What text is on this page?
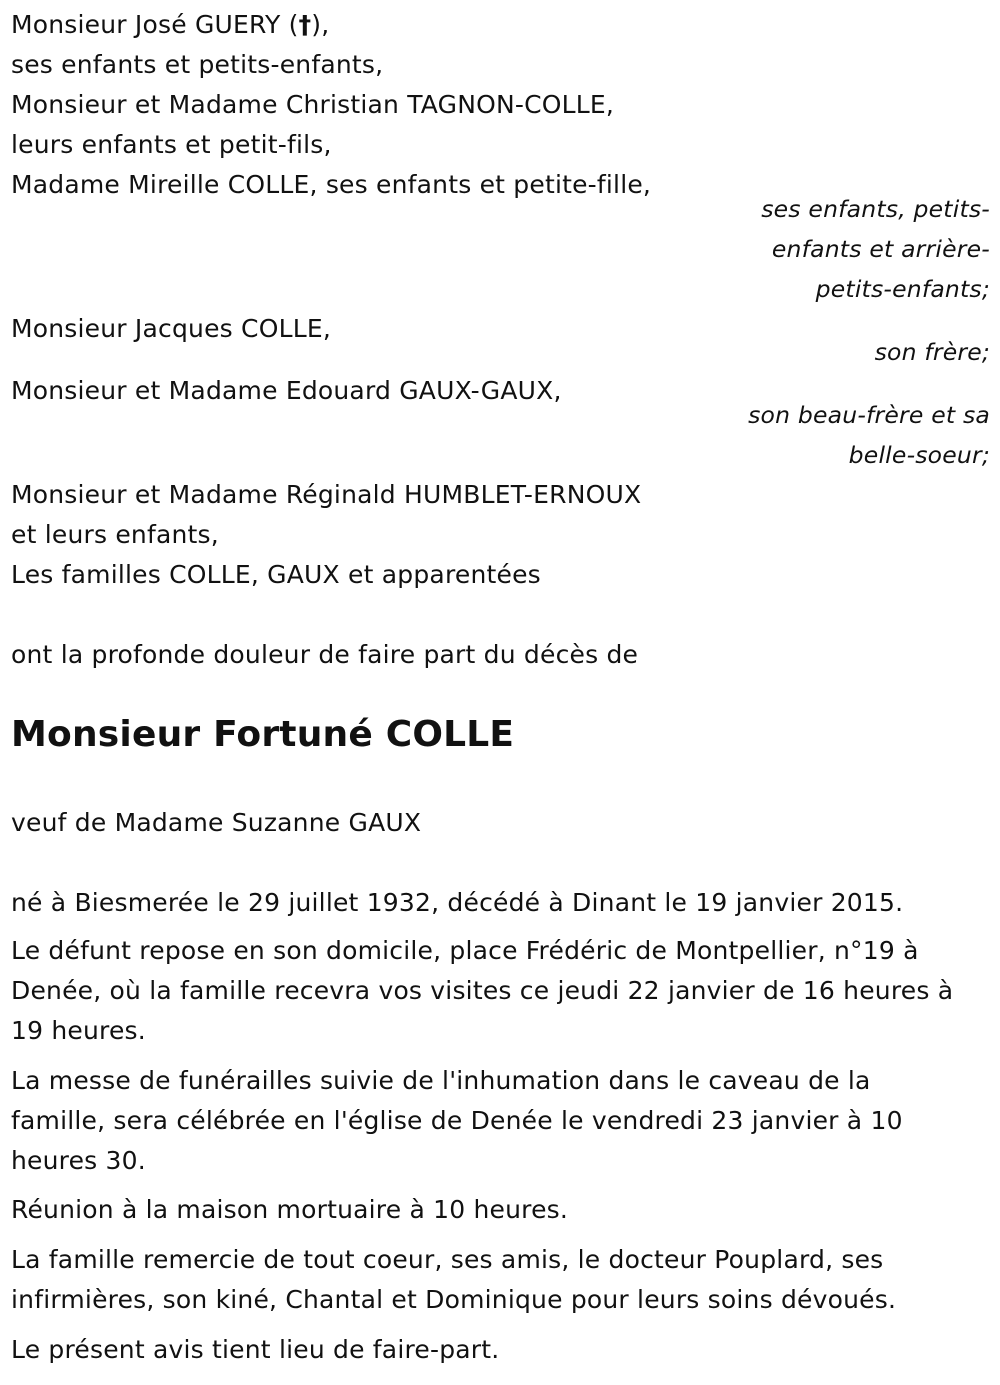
Monsieur José GUERY (†),

ses enfants et petits-enfants,

Monsieur et Madame Christian TAGNON-COLLE,

leurs enfants et petit-fils,

Madame Mireille COLLE, ses enfants et petite-fille,

ses enfants, petits-

enfants et arrière-

petits-enfants;

Monsieur Jacques COLLE,

son frère;

Monsieur et Madame Edouard GAUX-GAUX,

son beau-frère et sa

belle-soeur;

Monsieur et Madame Réginald HUMBLET-ERNOUX

et leurs enfants,

Les familles COLLE, GAUX et apparentées

ont la profonde douleur de faire part du décès de

Monsieur Fortuné COLLE

veuf de Madame Suzanne GAUX

né à Biesmerée le 29 juillet 1932, décédé à Dinant le 19 janvier 2015.

Le défunt repose en son domicile, place Frédéric de Montpellier, n°19 à
Denée, où la famille recevra vos visites ce jeudi 22 janvier de 16 heures à
19 heures.
La messe de funérailles suivie de l'inhumation dans le caveau de la
famille, sera célébrée en l'église de Denée le vendredi 23 janvier à 10
heures 30.

Réunion à la maison mortuaire à 10 heures.

La famille remercie de tout coeur, ses amis, le docteur Pouplard, ses
infirmières, son kiné, Chantal et Dominique pour leurs soins dévoués.

Le présent avis tient lieu de faire-part.
